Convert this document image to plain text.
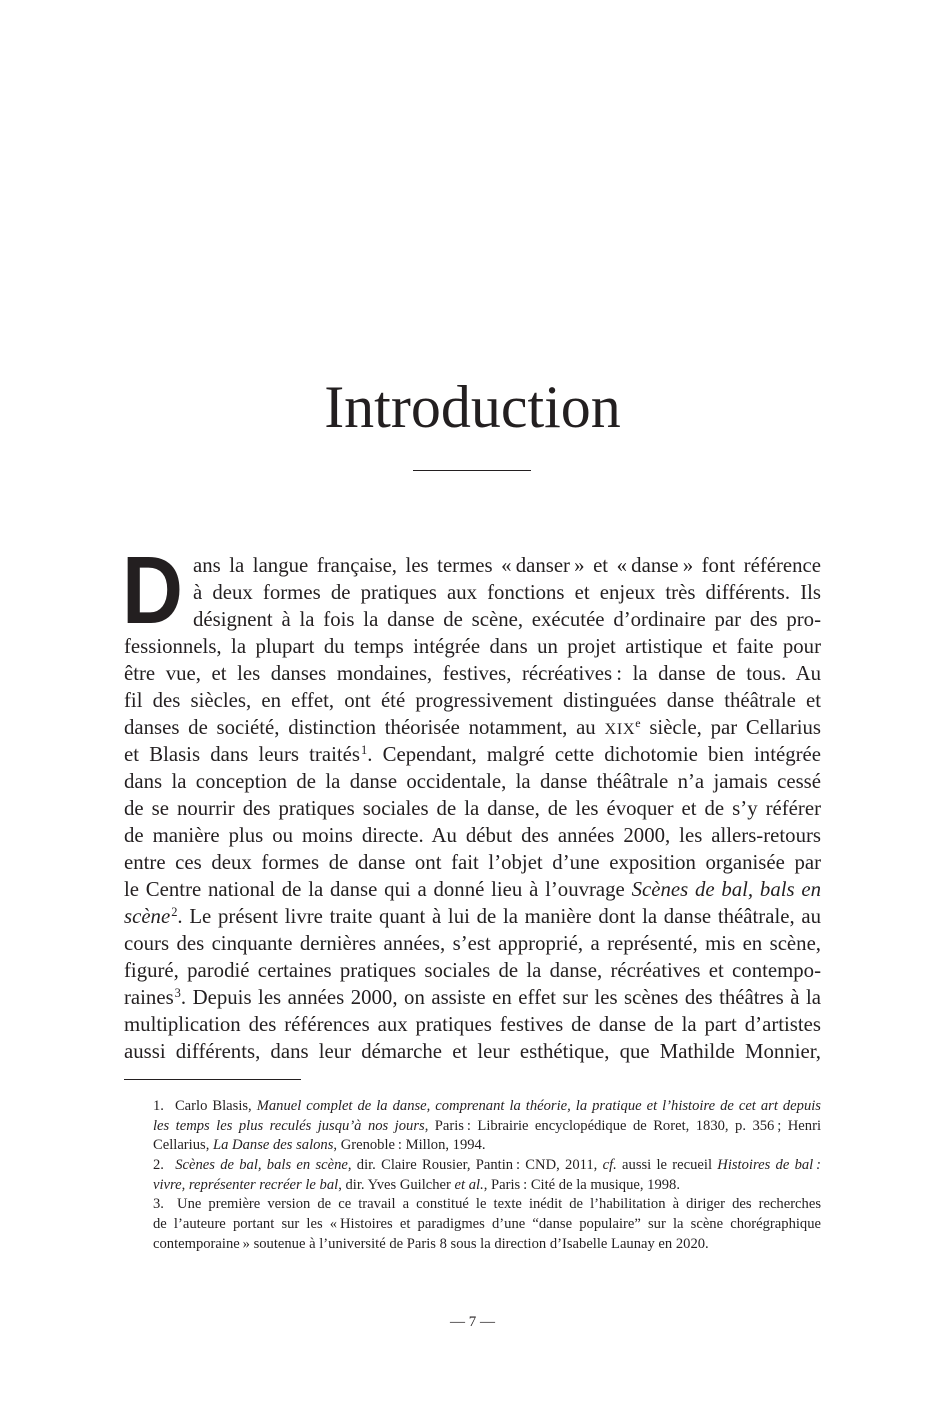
Introduction
D ans la langue française, les termes « danser » et « danse » font référence
à deux formes de pratiques aux fonctions et enjeux très différents. Ils
désignent à la fois la danse de scène, exécutée d’ordinaire par des pro-
fessionnels, la plupart du temps intégrée dans un projet artistique et faite pour
être vue, et les danses mondaines, festives, récréatives : la danse de tous. Au
fil des siècles, en effet, ont été progressivement distinguées danse théâtrale et
danses de société, distinction théorisée notamment, au XIXe siècle, par Cellarius
et Blasis dans leurs traités$^1$. Cependant, malgré cette dichotomie bien intégrée
dans la conception de la danse occidentale, la danse théâtrale n’a jamais cessé
de se nourrir des pratiques sociales de la danse, de les évoquer et de s’y référer
de manière plus ou moins directe. Au début des années 2000, les allers-retours
entre ces deux formes de danse ont fait l’objet d’une exposition organisée par
le Centre national de la danse qui a donné lieu à l’ouvrage Scènes de bal, bals en
scène$^2$. Le présent livre traite quant à lui de la manière dont la danse théâtrale, au
cours des cinquante dernières années, s’est approprié, a représenté, mis en scène,
figuré, parodié certaines pratiques sociales de la danse, récréatives et contempo-
raines$^3$. Depuis les années 2000, on assiste en effet sur les scènes des théâtres à la
multiplication des références aux pratiques festives de danse de la part d’artistes
aussi différents, dans leur démarche et leur esthétique, que Mathilde Monnier,
1. Carlo Blasis, Manuel complet de la danse, comprenant la théorie, la pratique et l’histoire de cet art depuis
les temps les plus reculés jusqu’à nos jours, Paris : Librairie encyclopédique de Roret, 1830, p. 356 ; Henri
Cellarius, La Danse des salons, Grenoble : Millon, 1994.
2. Scènes de bal, bals en scène, dir. Claire Rousier, Pantin : CND, 2011, cf. aussi le recueil Histoires de bal :
vivre, représenter recréer le bal, dir. Yves Guilcher et al., Paris : Cité de la musique, 1998.
3. Une première version de ce travail a constitué le texte inédit de l’habilitation à diriger des recherches
de l’auteure portant sur les « Histoires et paradigmes d’une “danse populaire” sur la scène chorégraphique
contemporaine » soutenue à l’université de Paris 8 sous la direction d’Isabelle Launay en 2020.
— 7 —
